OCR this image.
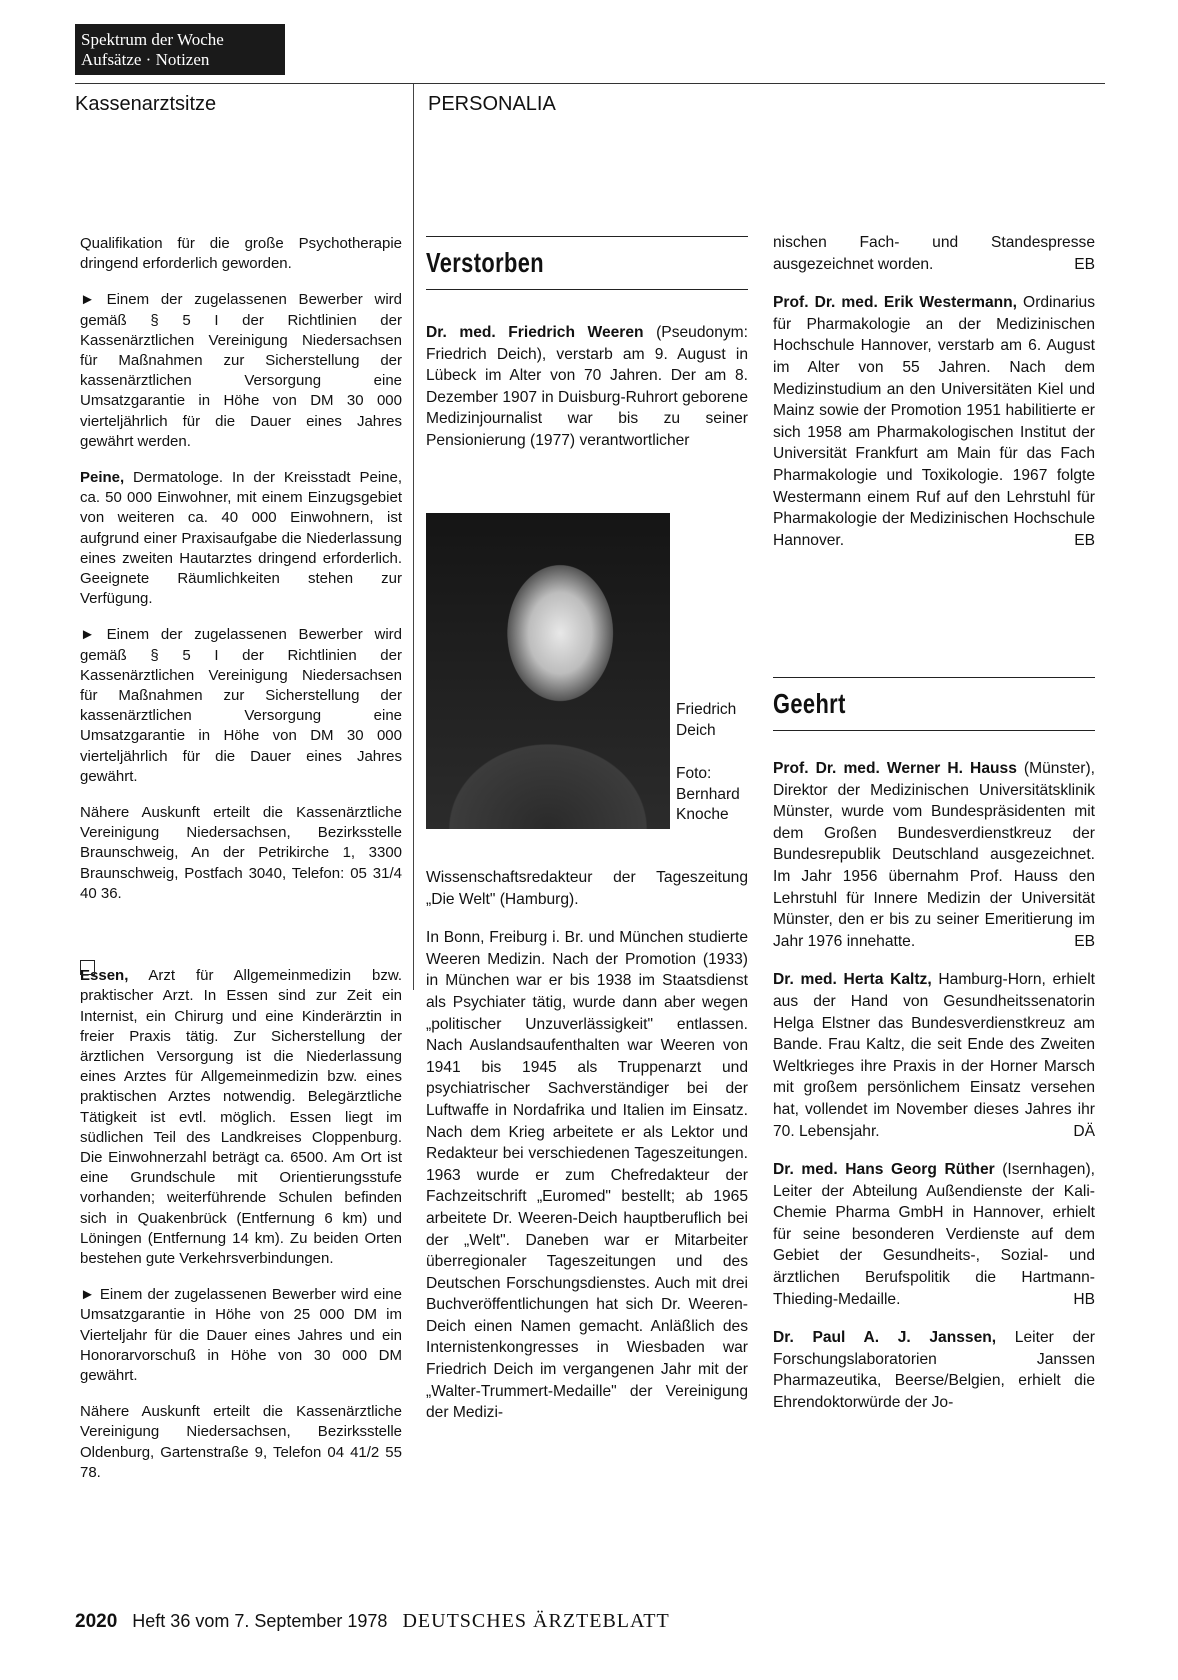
Spektrum der Woche
Aufsätze · Notizen
Kassenarztsitze	PERSONALIA

Qualifikation für die große Psychotherapie dringend erforderlich geworden.

► Einem der zugelassenen Bewerber wird gemäß § 5 I der Richtlinien der Kassenärztlichen Vereinigung Niedersachsen für Maßnahmen zur Sicherstellung der kassenärztlichen Versorgung eine Umsatzgarantie in Höhe von DM 30 000 vierteljährlich für die Dauer eines Jahres gewährt werden.

Peine, Dermatologe. In der Kreisstadt Peine, ca. 50 000 Einwohner, mit einem Einzugsgebiet von weiteren ca. 40 000 Einwohnern, ist aufgrund einer Praxisaufgabe die Niederlassung eines zweiten Hautarztes dringend erforderlich. Geeignete Räumlichkeiten stehen zur Verfügung.

► Einem der zugelassenen Bewerber wird gemäß § 5 I der Richtlinien der Kassenärztlichen Vereinigung Niedersachsen für Maßnahmen zur Sicherstellung der kassenärztlichen Versorgung eine Umsatzgarantie in Höhe von DM 30 000 vierteljährlich für die Dauer eines Jahres gewährt.

Nähere Auskunft erteilt die Kassenärztliche Vereinigung Niedersachsen, Bezirksstelle Braunschweig, An der Petrikirche 1, 3300 Braunschweig, Postfach 3040, Telefon: 05 31/4 40 36.

Essen, Arzt für Allgemeinmedizin bzw. praktischer Arzt. In Essen sind zur Zeit ein Internist, ein Chirurg und eine Kinderärztin in freier Praxis tätig. Zur Sicherstellung der ärztlichen Versorgung ist die Niederlassung eines Arztes für Allgemeinmedizin bzw. eines praktischen Arztes notwendig. Belegärztliche Tätigkeit ist evtl. möglich. Essen liegt im südlichen Teil des Landkreises Cloppenburg. Die Einwohnerzahl beträgt ca. 6500. Am Ort ist eine Grundschule mit Orientierungsstufe vorhanden; weiterführende Schulen befinden sich in Quakenbrück (Entfernung 6 km) und Löningen (Entfernung 14 km). Zu beiden Orten bestehen gute Verkehrsverbindungen.

► Einem der zugelassenen Bewerber wird eine Umsatzgarantie in Höhe von 25 000 DM im Vierteljahr für die Dauer eines Jahres und ein Honorarvorschuß in Höhe von 30 000 DM gewährt.

Nähere Auskunft erteilt die Kassenärztliche Vereinigung Niedersachsen, Bezirksstelle Oldenburg, Gartenstraße 9, Telefon 04 41/2 55 78.

Verstorben

Dr. med. Friedrich Weeren (Pseudonym: Friedrich Deich), verstarb am 9. August in Lübeck im Alter von 70 Jahren. Der am 8. Dezember 1907 in Duisburg-Ruhrort geborene Medizinjournalist war bis zu seiner Pensionierung (1977) verantwortlicher

Friedrich Deich
Foto: Bernhard Knoche

Wissenschaftsredakteur der Tageszeitung „Die Welt" (Hamburg).

In Bonn, Freiburg i. Br. und München studierte Weeren Medizin. Nach der Promotion (1933) in München war er bis 1938 im Staatsdienst als Psychiater tätig, wurde dann aber wegen „politischer Unzuverlässigkeit" entlassen. Nach Auslandsaufenthalten war Weeren von 1941 bis 1945 als Truppenarzt und psychiatrischer Sachverständiger bei der Luftwaffe in Nordafrika und Italien im Einsatz. Nach dem Krieg arbeitete er als Lektor und Redakteur bei verschiedenen Tageszeitungen. 1963 wurde er zum Chefredakteur der Fachzeitschrift „Euromed" bestellt; ab 1965 arbeitete Dr. Weeren-Deich hauptberuflich bei der „Welt". Daneben war er Mitarbeiter überregionaler Tageszeitungen und des Deutschen Forschungsdienstes. Auch mit drei Buchveröffentlichungen hat sich Dr. Weeren-Deich einen Namen gemacht. Anläßlich des Internistenkongresses in Wiesbaden war Friedrich Deich im vergangenen Jahr mit der „Walter-Trummert-Medaille" der Vereinigung der Medizi-

nischen Fach- und Standespresse ausgezeichnet worden.	EB

Prof. Dr. med. Erik Westermann, Ordinarius für Pharmakologie an der Medizinischen Hochschule Hannover, verstarb am 6. August im Alter von 55 Jahren. Nach dem Medizinstudium an den Universitäten Kiel und Mainz sowie der Promotion 1951 habilitierte er sich 1958 am Pharmakologischen Institut der Universität Frankfurt am Main für das Fach Pharmakologie und Toxikologie. 1967 folgte Westermann einem Ruf auf den Lehrstuhl für Pharmakologie der Medizinischen Hochschule Hannover.	EB

Geehrt

Prof. Dr. med. Werner H. Hauss (Münster), Direktor der Medizinischen Universitätsklinik Münster, wurde vom Bundespräsidenten mit dem Großen Bundesverdienstkreuz der Bundesrepublik Deutschland ausgezeichnet. Im Jahr 1956 übernahm Prof. Hauss den Lehrstuhl für Innere Medizin der Universität Münster, den er bis zu seiner Emeritierung im Jahr 1976 innehatte.	EB

Dr. med. Herta Kaltz, Hamburg-Horn, erhielt aus der Hand von Gesundheitssenatorin Helga Elstner das Bundesverdienstkreuz am Bande. Frau Kaltz, die seit Ende des Zweiten Weltkrieges ihre Praxis in der Horner Marsch mit großem persönlichem Einsatz versehen hat, vollendet im November dieses Jahres ihr 70. Lebensjahr.	DÄ

Dr. med. Hans Georg Rüther (Isernhagen), Leiter der Abteilung Außendienste der Kali-Chemie Pharma GmbH in Hannover, erhielt für seine besonderen Verdienste auf dem Gebiet der Gesundheits-, Sozial- und ärztlichen Berufspolitik die Hartmann-Thieding-Medaille.	HB

Dr. Paul A. J. Janssen, Leiter der Forschungslaboratorien Janssen Pharmazeutika, Beerse/Belgien, erhielt die Ehrendoktorwürde der Jo-

2020 Heft 36 vom 7. September 1978 DEUTSCHES ÄRZTEBLATT
